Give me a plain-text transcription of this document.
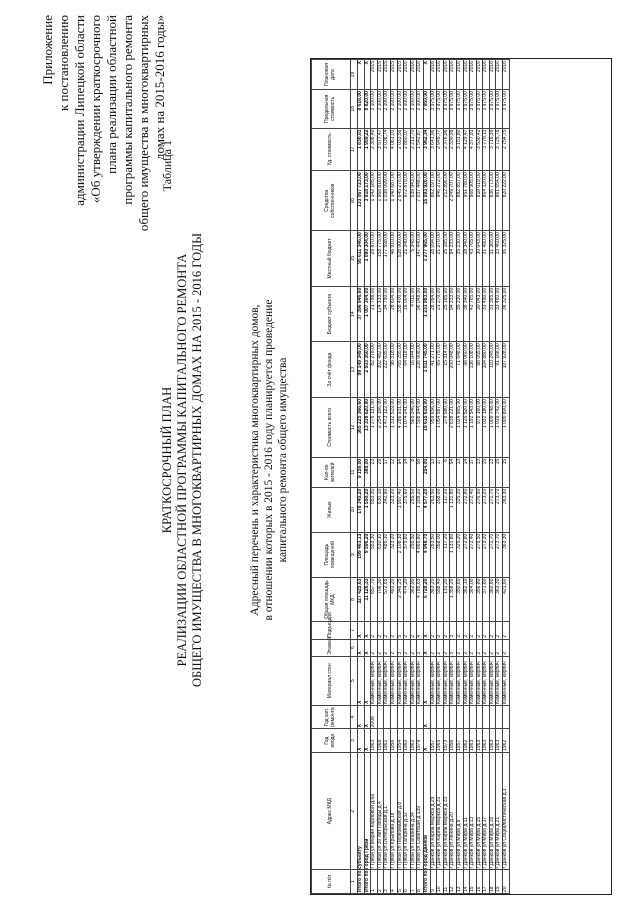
Приложение к постановлению администрации Липецкой области «Об утверждении краткосрочного плана реализации областной программы капитального ремонта общего имущества в многоквартирных домах на 2015-2016 годы»
КРАТКОСРОЧНЫЙ ПЛАН РЕАЛИЗАЦИИ ОБЛАСТНОЙ ПРОГРАММЫ КАПИТАЛЬНОГО РЕМОНТА ОБЩЕГО ИМУЩЕСТВА В МНОГОКВАРТИРНЫХ ДОМАХ НА 2015 - 2016 ГОДЫ
Таблица 1
Адресный перечень и характеристика многоквартирных домов, в отношении которых в 2015 - 2016 году планируется проведение капитального ремонта общего имущества
№ п/п	Адрес МКД	Год ввода	Год кап. ремонта	Материал стен	Этажей	Подъездов	Общая площадь МКД	Площадь помещений	Жилых	Кол-во жителей	Стоимость всего	За счёт фонда	Бюджет субъекта	Местный бюджет	Средства собственников	Уд. стоимость	Предельная стоимость	Плановая дата
1	2	3	4	5	6	7	8	9	10	11	12	13	14	15	16	17	18	19
Итого по субъекту		Х	Х	Х	Х	Х	327 425,63	199 463,13	178 345,20	9 158,00	365 225 366,60	99 149 349,00	37 396 946,60	95 611 346,00	133 067 723,00	1 830,01	8 616,00	Х
Итого по Город Грязи		Х	Х	Х	Х	Х	11 126,33	9 596,20	1 550,20	389,00	13 338 620,90	2 503 350,00	1 007 304,00	1 080 304,00	3 918 173,00	1 959,22	8 820,00	Х
1	г Грязи ул Марии Карловой д.6а	1963	2008	Каменные, кирпич	2	2	657,70	553,30	553,30	23	1 276 131,00	82 278,00	21 798,00	29 870,00	1 142 185,00	2 306,40	2 100,00	2015
2	г Грязи ул 30 лет Победы д.4	1968		Каменные, кирпич	2	2	706,30	630,10	630,10	29	2 254 166,00	302 482,00	124 133,00	158 775,00	1 968 816,00	3 577,47	2 100,00	2015
3	г Грязи ул Октябрьская д.1	1961		Каменные, кирпич	2	2	572,65	485,10	342,90	17	1 473 122,00	222 635,00	34 790,00	177 598,00	1 038 099,00	3 036,74	2 100,00	2015
4	г Грязи ул Крылова д.18	1956		Каменные, кирпич	2	2	491,20	323,20	323,20	12	1 312 519,00	96 318,00	28 604,00	46 910,00	1 140 687,00	4 061,01	2 100,00	2015
5	г Грязи ул Первомайская д.8	1954		Каменные, кирпич	3	5	2 346,25	2 108,10	1 907,40	94	4 286 931,00	765 255,00	338 400,00	538 000,00	2 645 276,00	2 033,56	2 100,00	2015
6	г Грязи ул Гагарина д.32	1960		Каменные, кирпич	2	2	474,20	375,60	375,60	14	1 074 241,00	64 018,00	16 004,00	21 340,00	972 879,00	2 860,07	2 100,00	2016
7	г Грязи ул Гагарина д.34	1962		Каменные, кирпич	2	2	362,90	255,50	255,50	8	565 346,00	16 044,00	4 011,00	5 348,00	539 943,00	2 212,70	2 100,00	2016
8	г Грязи ул Советская д.139	1979		Каменные, кирпич	3	4	4 785,63	4 865,60	1 309,20	58	7 506 944,00	226 008,00	96 048,00	147 440,00	7 037 448,00	1 542,87	2 100,00	2016
Итого по Город Данков		Х	Х	Х	Х	Х	6 728,20	4 948,70	4 577,20	254,00	19 615 619,00	1 511 745,00	1 231 983,00	1 277 965,00	15 593 926,00	3 962,34	7 950,00	Х
9	г Данков ул Карла Маркса д.29	1957		Каменные, кирпич	2	2	363,20	263,50	263,50	13	959 656,00	41 271,00	28 094,00	28 094,00	862 197,00	3 641,96	3 975,00	2016
10	г Данков ул Карла Маркса д.31	1965		Каменные, кирпич	2	2	558,40	358,00	358,00	17	1 054 587,00	65 775,00	21 270,00	21 270,00	946 272,00	2 945,77	3 975,00	2016
11	г Данков ул Карла Маркса д.33	1973		Каменные, кирпич	2	2	131,20	117,20	117,20	6	278 580,00	15 314,00	25 185,00	25 185,00	212 896,00	2 376,96	3 975,00	2016
12	г Данков ул Ленина д.20	1956		Каменные, кирпич	3	3	1 358,20	1 131,80	1 131,80	54	2 638 221,00	200 048,00	94 233,00	94 233,00	2 249 707,00	2 330,99	3 975,00	2016
13	г Данков ул Мира д.9	1957		Каменные, кирпич	2	2	350,60	325,20	325,20	13	1 024 965,00	71 648,00	35 230,00	35 230,00	882 857,00	3 151,80	3 975,00	2016
14	г Данков ул Мира д.11	1962		Каменные, кирпич	2	2	362,10	272,80	272,80	14	1 126 520,00	98 060,00	38 340,00	38 340,00	951 780,00	4 129,47	3 975,00	2016
15	г Данков ул Мира д.13	1963		Каменные, кирпич	2	2	364,00	272,40	272,40	17	1 192 543,00	136 108,00	43 765,00	43 765,00	968 905,00	4 377,91	3 975,00	2016
16	г Данков ул Мира д.15	1963		Каменные, кирпич	2	2	356,80	276,50	276,50	13	976 160,00	98 055,00	30 043,00	30 043,00	818 019,00	3 530,42	3 975,00	2016
17	г Данков ул Мира д.17	1963		Каменные, кирпич	2	2	371,60	273,20	273,20	15	1 032 180,00	104 880,00	31 490,00	31 490,00	864 320,00	3 778,11	3 975,00	2016
18	г Данков ул Мира д.19	1963		Каменные, кирпич	2	2	360,80	271,70	271,70	13	1 009 748,00	110 245,00	31 365,00	31 365,00	836 773,00	3 716,39	3 975,00	2016
19	г Данков ул Мира д.21	1963		Каменные, кирпич	2	2	363,30	273,70	273,70	15	1 019 742,00	91 168,00	33 460,00	33 460,00	861 654,00	3 725,76	3 975,00	2016
20	г Данков ул Социалистическая д.1	1962		Каменные, кирпич	2	2	421,60	363,30	363,30	15	1 000 800,00	107 928,00	36 325,00	36 325,00	820 222,00	2 754,75	3 975,00	2016
